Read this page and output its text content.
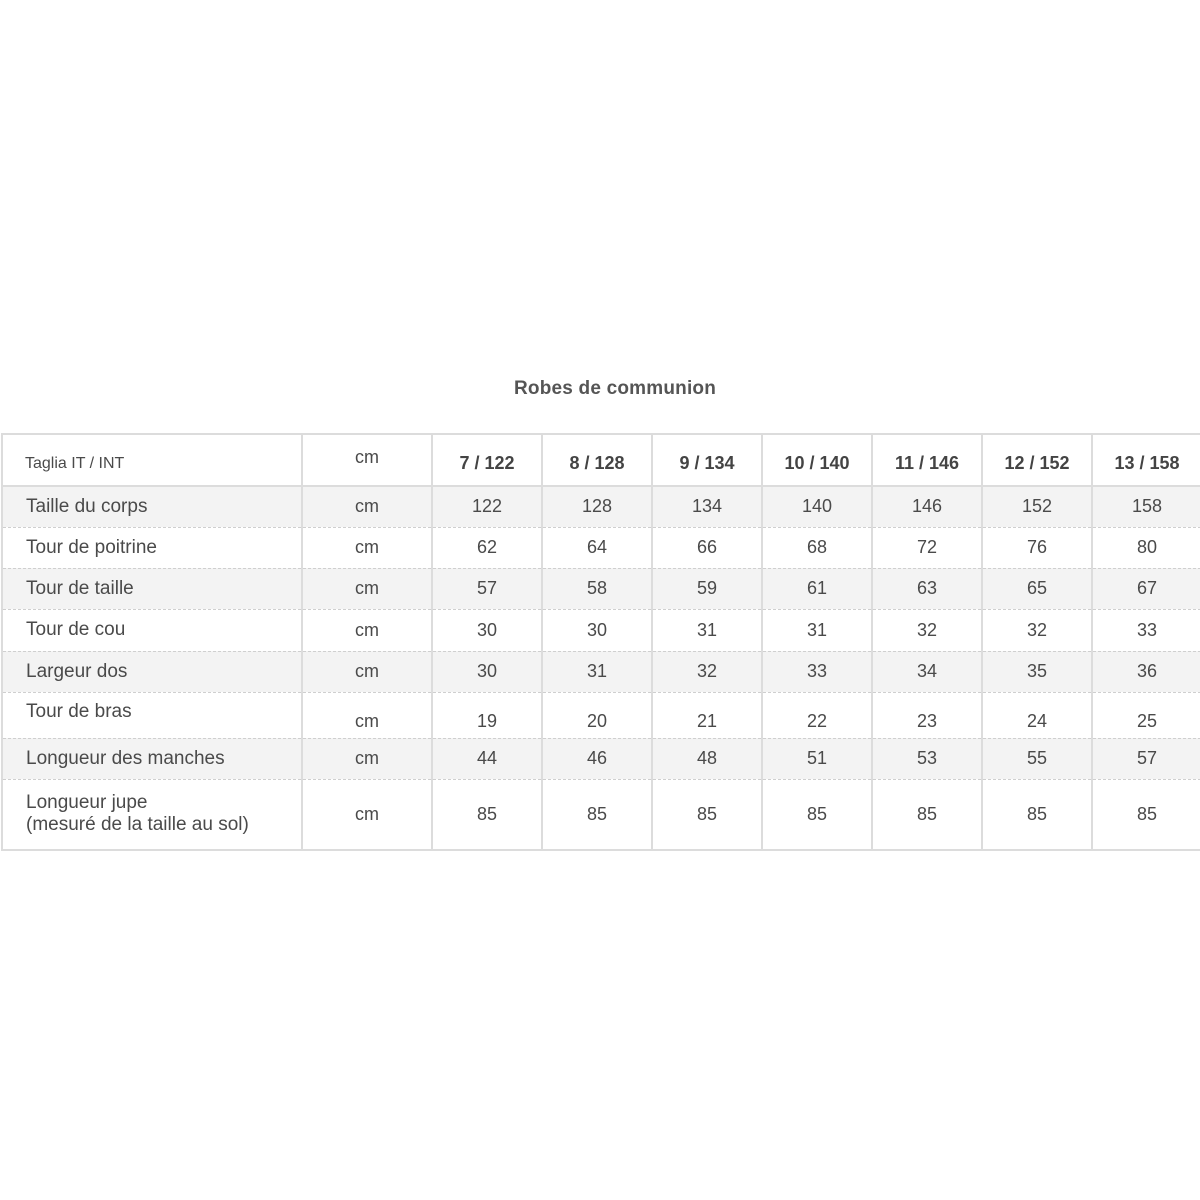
Robes de communion
Taglia IT / INT	cm	7 / 122	8 / 128	9 / 134	10 / 140	11 / 146	12 / 152	13 / 158
Taille du corps	cm	122	128	134	140	146	152	158
Tour de poitrine	cm	62	64	66	68	72	76	80
Tour de taille	cm	57	58	59	61	63	65	67
Tour de cou	cm	30	30	31	31	32	32	33
Largeur dos	cm	30	31	32	33	34	35	36
Tour de bras	cm	19	20	21	22	23	24	25
Longueur des manches	cm	44	46	48	51	53	55	57

Longueur jupe
(mesuré de la taille au sol)	cm	85	85	85	85	85	85	85
